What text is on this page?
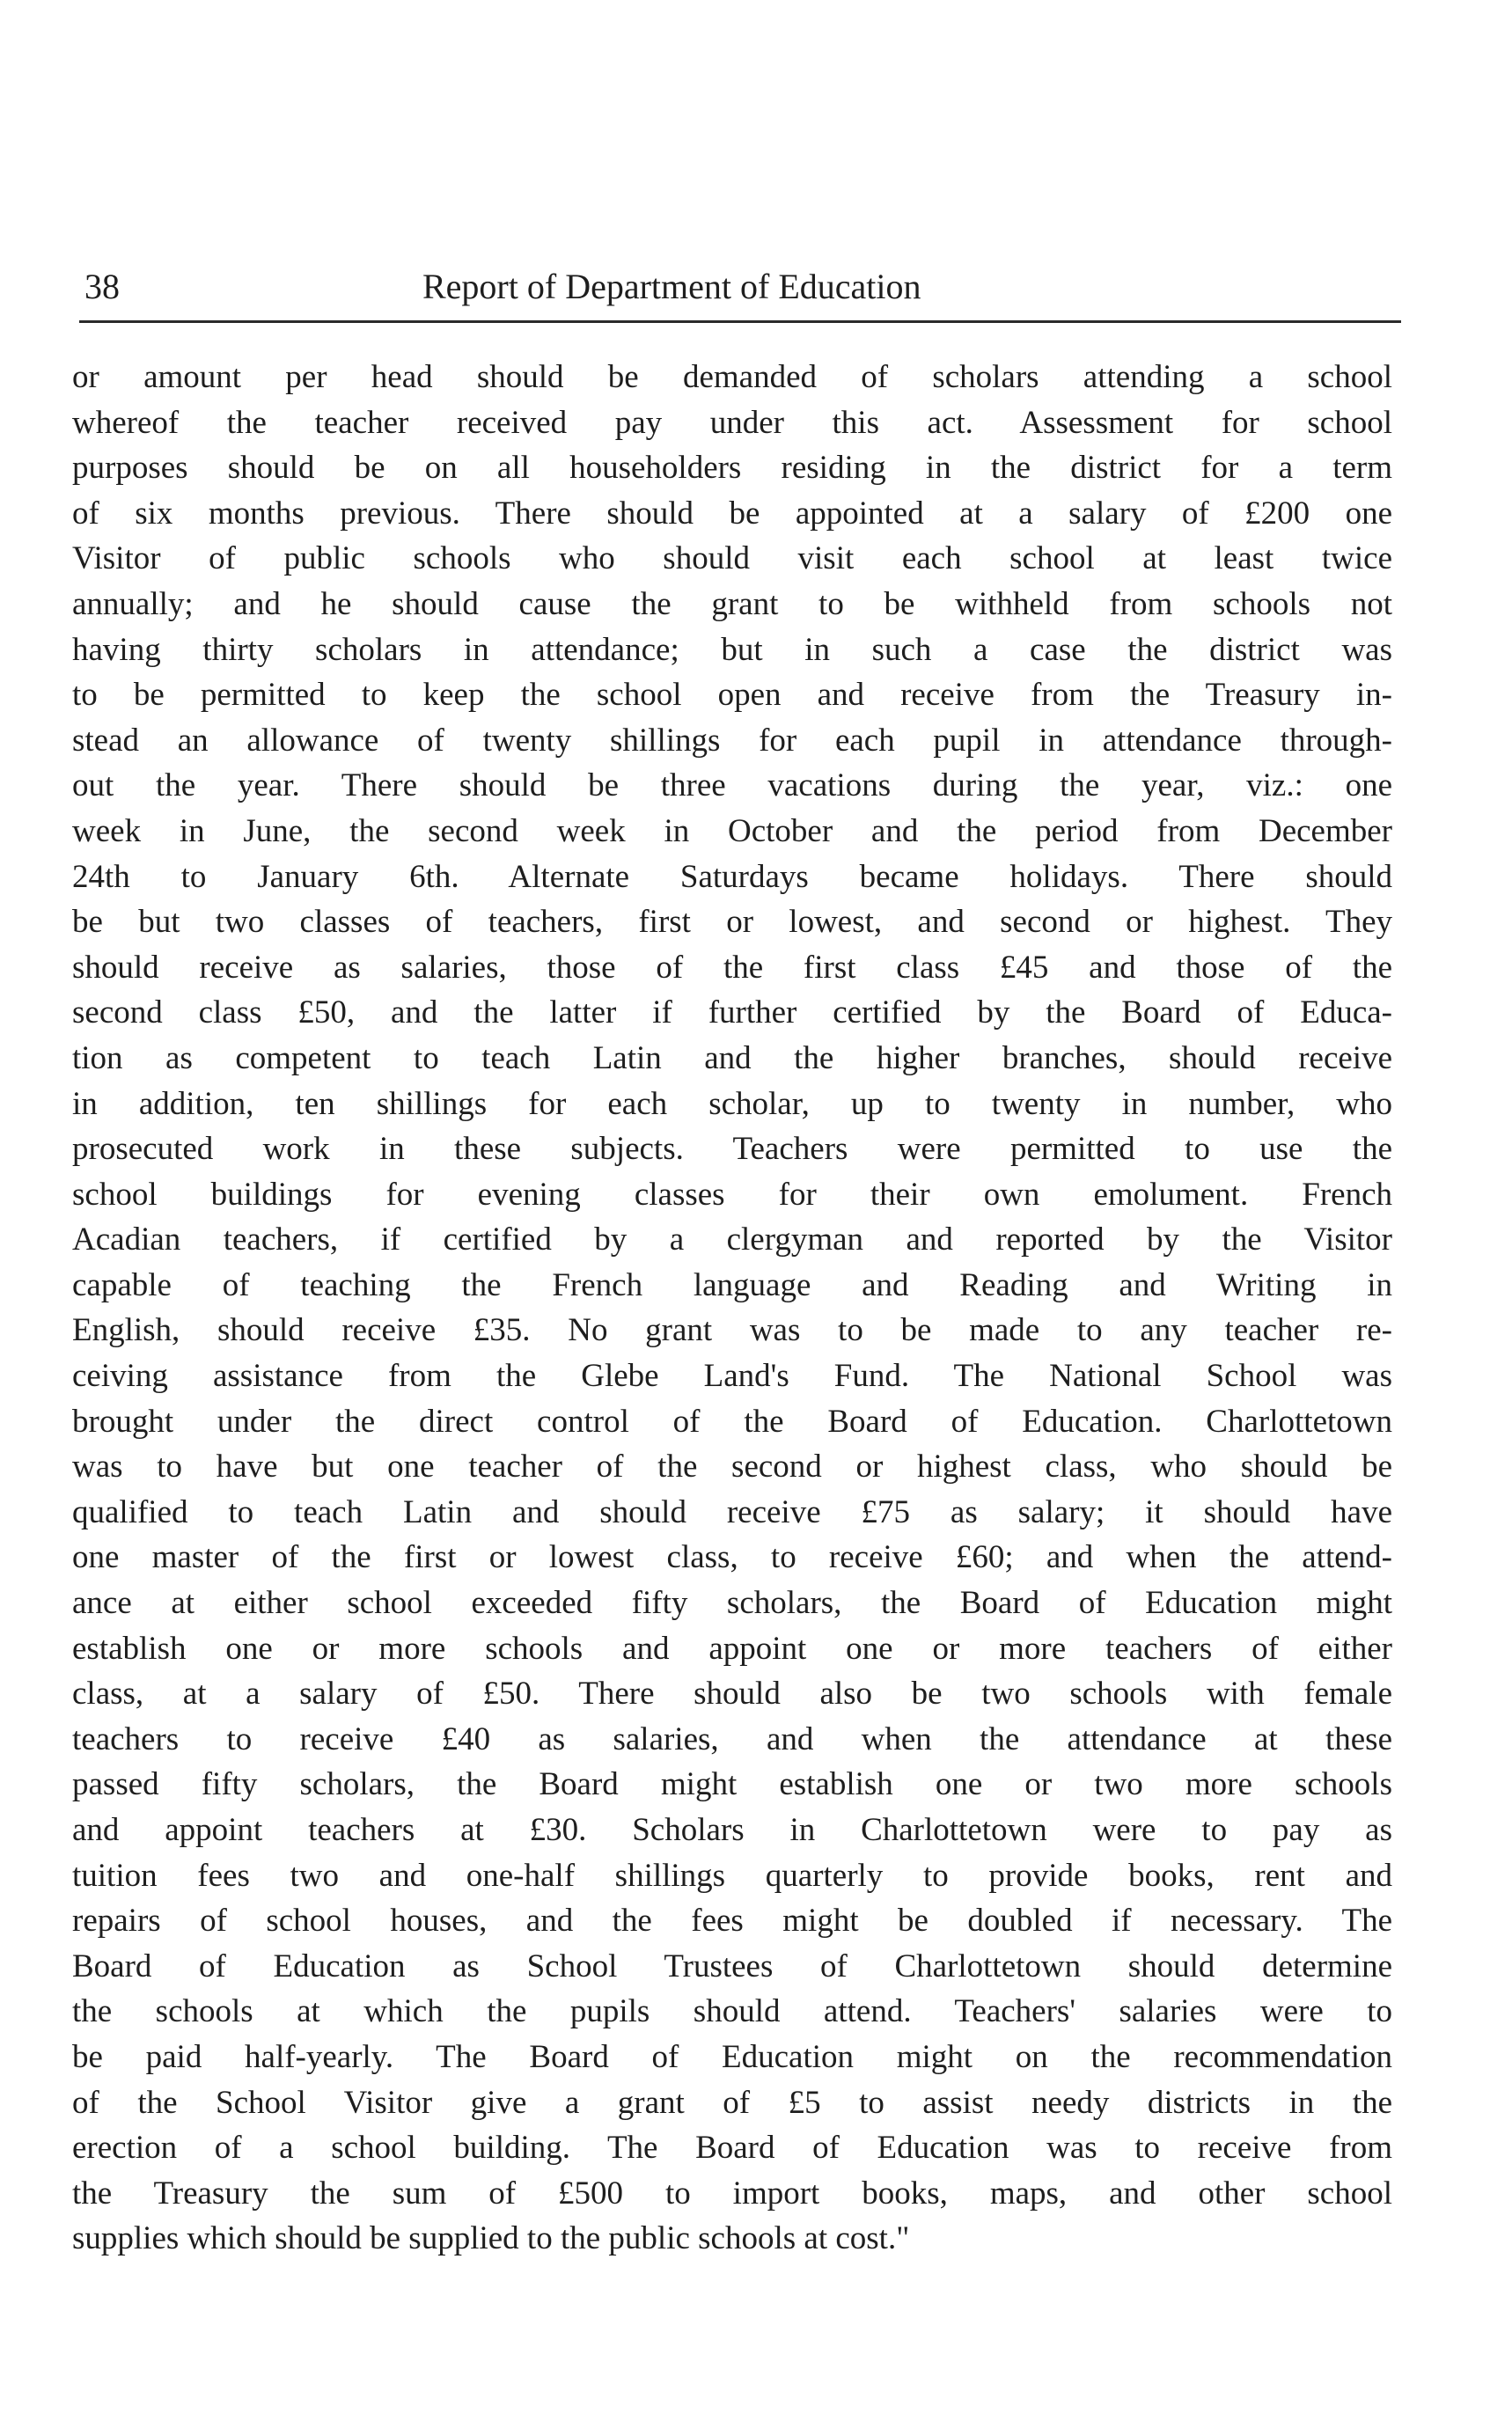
38	Report of Department of Education
or amount per head should be demanded of scholars attending a school
whereof the teacher received pay under this act. Assessment for school
purposes should be on all householders residing in the district for a term
of six months previous. There should be appointed at a salary of £200 one
Visitor of public schools who should visit each school at least twice
annually; and he should cause the grant to be withheld from schools not
having thirty scholars in attendance; but in such a case the district was
to be permitted to keep the school open and receive from the Treasury in-
stead an allowance of twenty shillings for each pupil in attendance through-
out the year. There should be three vacations during the year, viz.: one
week in June, the second week in October and the period from December
24th to January 6th. Alternate Saturdays became holidays. There should
be but two classes of teachers, first or lowest, and second or highest. They
should receive as salaries, those of the first class £45 and those of the
second class £50, and the latter if further certified by the Board of Educa-
tion as competent to teach Latin and the higher branches, should receive
in addition, ten shillings for each scholar, up to twenty in number, who
prosecuted work in these subjects. Teachers were permitted to use the
school buildings for evening classes for their own emolument. French
Acadian teachers, if certified by a clergyman and reported by the Visitor
capable of teaching the French language and Reading and Writing in
English, should receive £35. No grant was to be made to any teacher re-
ceiving assistance from the Glebe Land's Fund. The National School was
brought under the direct control of the Board of Education. Charlottetown
was to have but one teacher of the second or highest class, who should be
qualified to teach Latin and should receive £75 as salary; it should have
one master of the first or lowest class, to receive £60; and when the attend-
ance at either school exceeded fifty scholars, the Board of Education might
establish one or more schools and appoint one or more teachers of either
class, at a salary of £50. There should also be two schools with female
teachers to receive £40 as salaries, and when the attendance at these
passed fifty scholars, the Board might establish one or two more schools
and appoint teachers at £30. Scholars in Charlottetown were to pay as
tuition fees two and one-half shillings quarterly to provide books, rent and
repairs of school houses, and the fees might be doubled if necessary. The
Board of Education as School Trustees of Charlottetown should determine
the schools at which the pupils should attend. Teachers' salaries were to
be paid half-yearly. The Board of Education might on the recommendation
of the School Visitor give a grant of £5 to assist needy districts in the
erection of a school building. The Board of Education was to receive from
the Treasury the sum of £500 to import books, maps, and other school
supplies which should be supplied to the public schools at cost."
